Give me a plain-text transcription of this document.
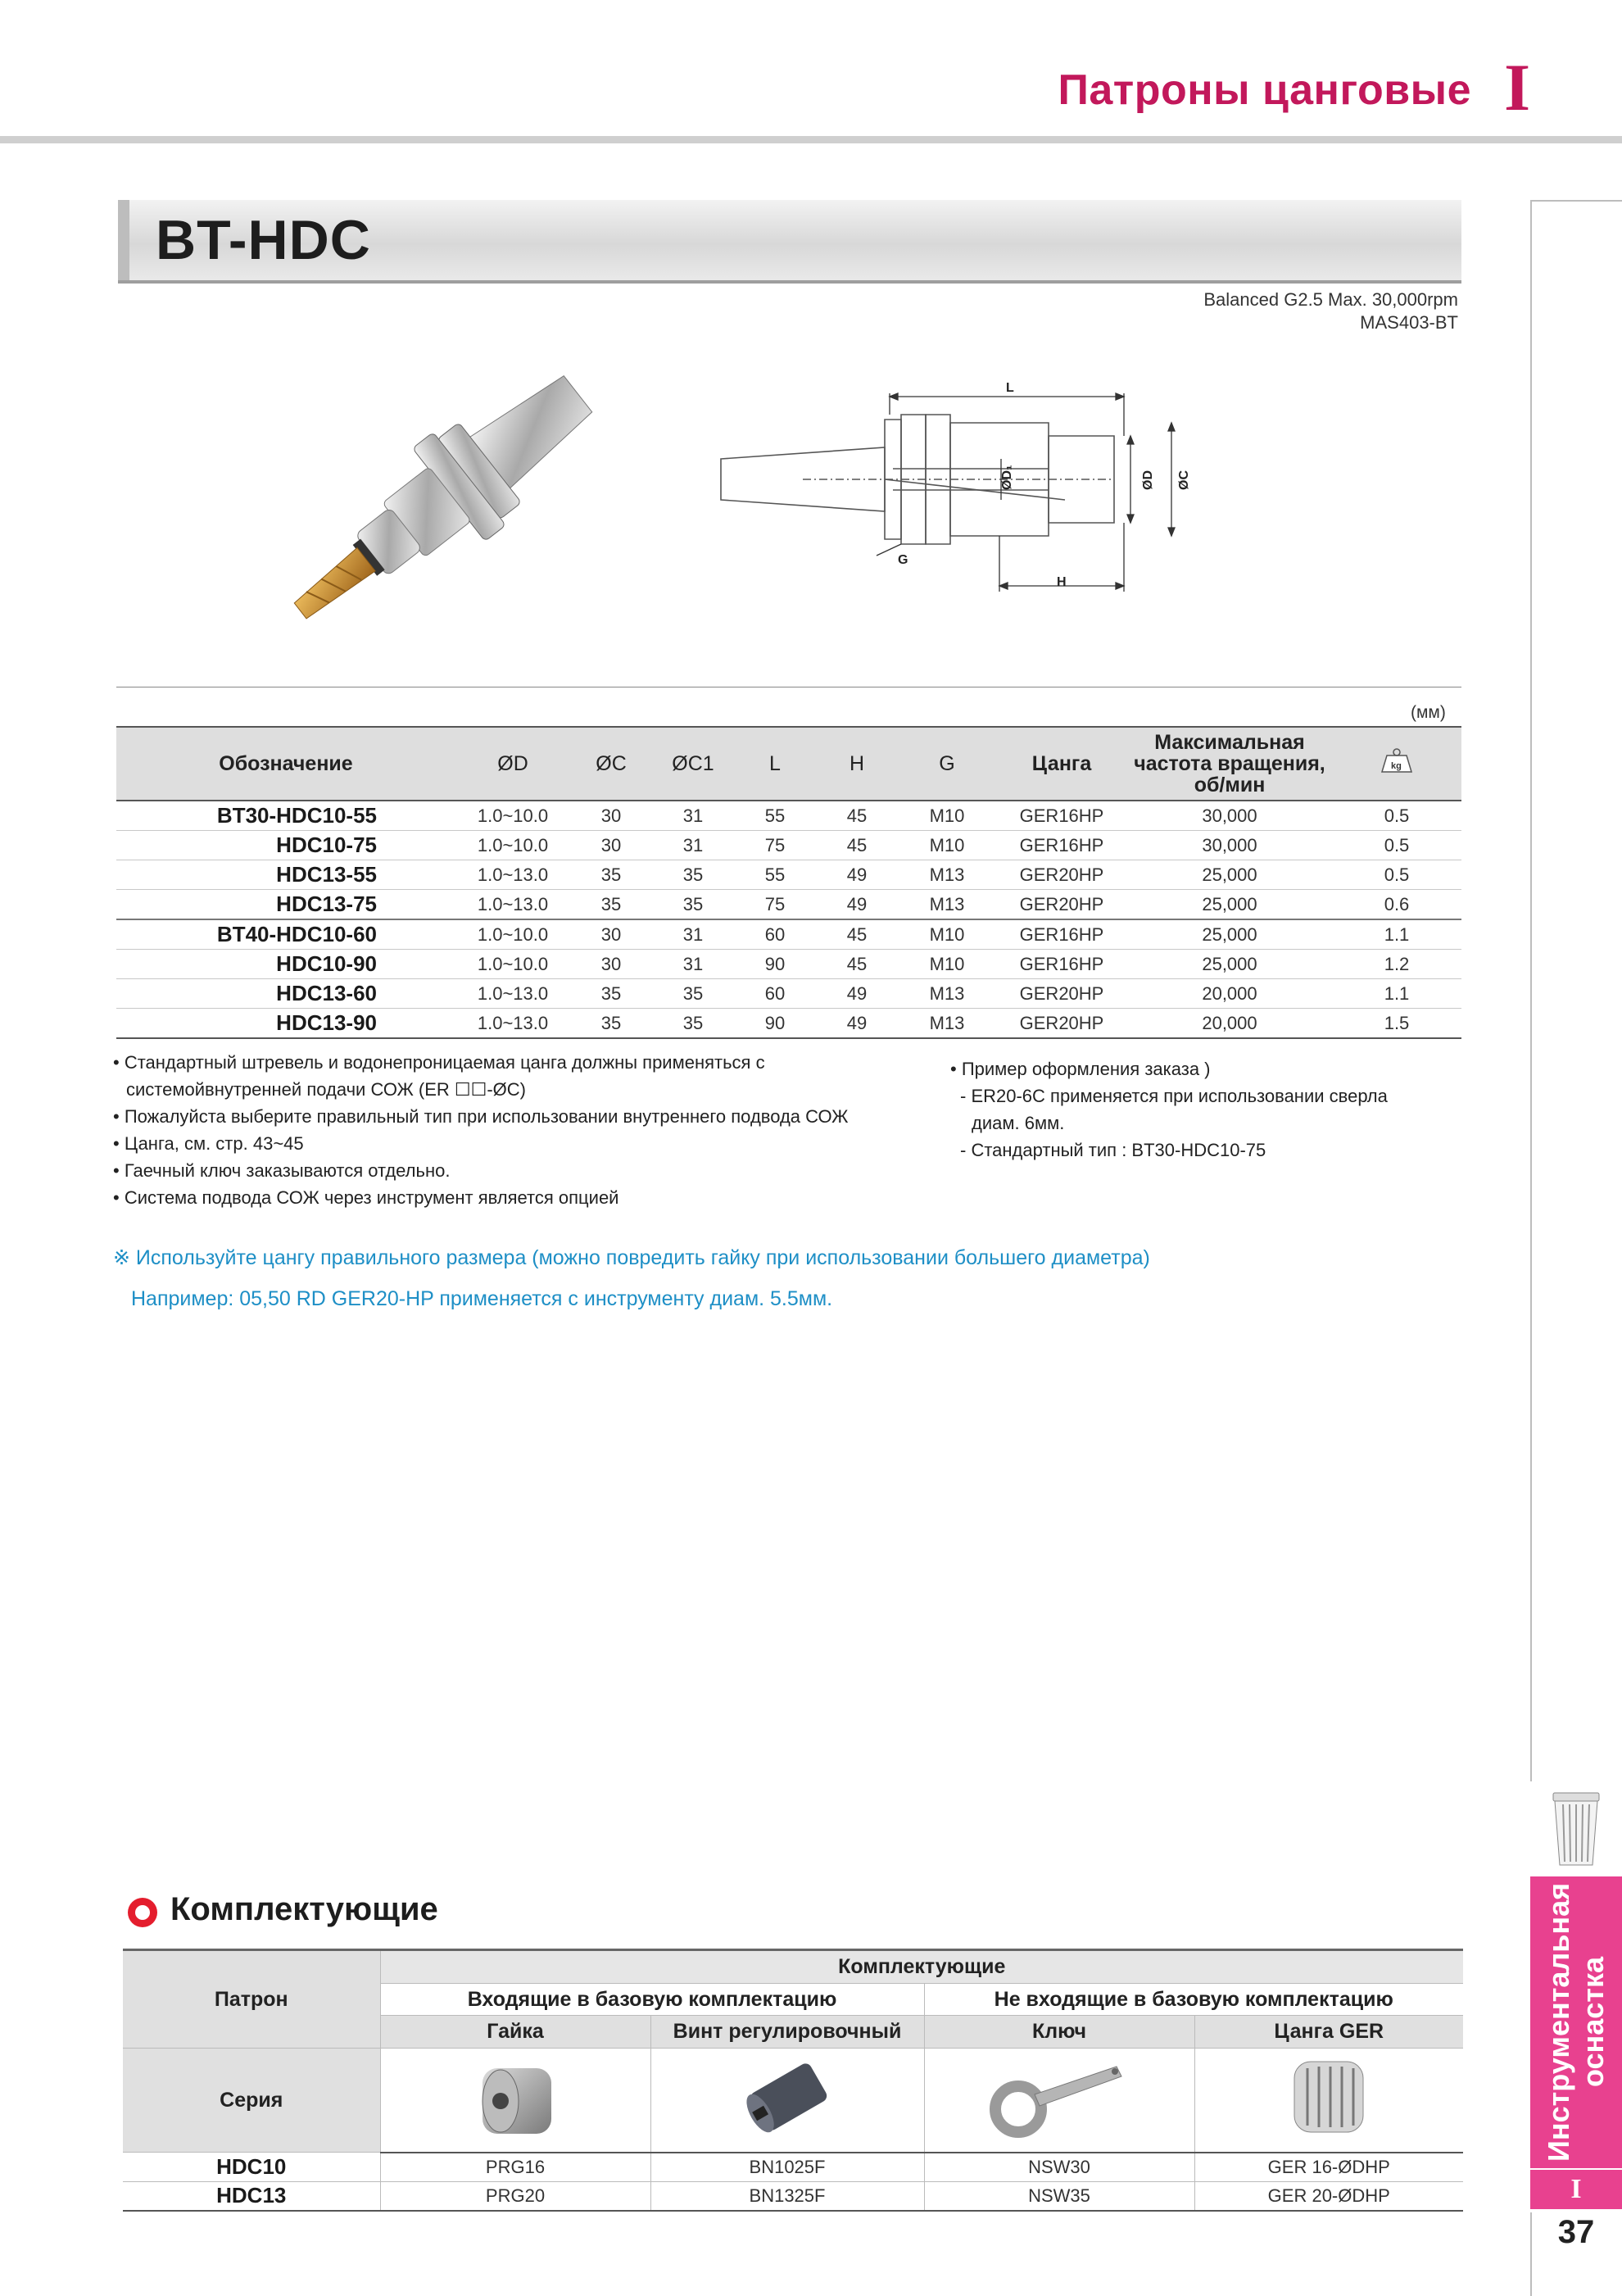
Патроны цанговые I
Инструментальная оснастка
I
37
BT-HDC
Balanced G2.5 Max. 30,000rpm
MAS403-BT
L
H
G
ØD₁	ØD ØC
(мм)
Обозначение	ØD	ØC	ØC1	L	H	G	Цанга	Максимальная частота вращения, об/мин	kg

BT30-HDC10-55	1.0~10.0	30	31	55	45	M10	GER16HP	30,000	0.5
HDC10-75	1.0~10.0	30	31	75	45	M10	GER16HP	30,000	0.5
HDC13-55	1.0~13.0	35	35	55	49	M13	GER20HP	25,000	0.5
HDC13-75	1.0~13.0	35	35	75	49	M13	GER20HP	25,000	0.6
BT40-HDC10-60	1.0~10.0	30	31	60	45	M10	GER16HP	25,000	1.1
HDC10-90	1.0~10.0	30	31	90	45	M10	GER16HP	25,000	1.2
HDC13-60	1.0~13.0	35	35	60	49	M13	GER20HP	20,000	1.1
HDC13-90	1.0~13.0	35	35	90	49	M13	GER20HP	20,000	1.5
• Стандартный штревель и водонепроницаемая цанга должны применяться с
системойвнутренней подачи СОЖ (ER ☐☐-ØC)
• Пожалуйста выберите правильный тип при использовании внутреннего подвода СОЖ
• Цанга, см. стр. 43~45
• Гаечный ключ заказываются отдельно.
• Система подвода СОЖ через инструмент является опцией
• Пример оформления заказа )
- ER20-6C применяется при использовании сверла
диам. 6мм.
- Стандартный тип : BT30-HDC10-75
※ Используйте цангу правильного размера (можно повредить гайку при использовании большего диаметра)
Например: 05,50 RD GER20-HP применяется с инструменту диам. 5.5мм.
Комплектующие
Патрон	Комплектующие			
	Входящие в базовую комплектацию		Не входящие в базовую комплектацию	
	Гайка	Винт регулировочный	Ключ	Цанга GER
Серия				
HDC10	PRG16	BN1025F	NSW30	GER 16-ØDHP
HDC13	PRG20	BN1325F	NSW35	GER 20-ØDHP
